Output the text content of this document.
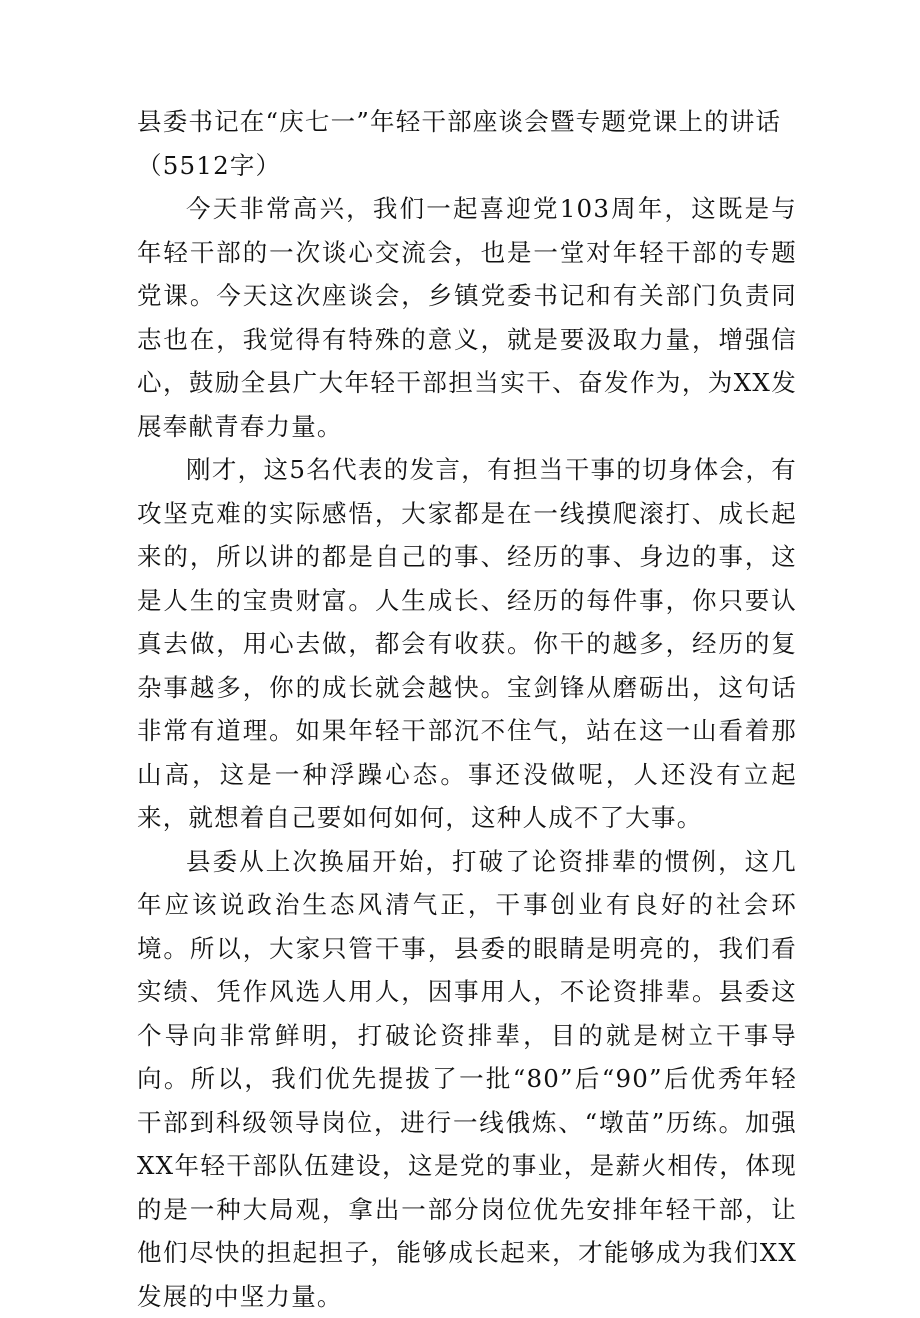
县委书记在“庆七一”年轻干部座谈会暨专题党课上的讲话（5512字）

今天非常高兴，我们一起喜迎党103周年，这既是与年轻干部的一次谈心交流会，也是一堂对年轻干部的专题党课。今天这次座谈会，乡镇党委书记和有关部门负责同志也在，我觉得有特殊的意义，就是要汲取力量，增强信心，鼓励全县广大年轻干部担当实干、奋发作为，为XX发展奉献青春力量。

刚才，这5名代表的发言，有担当干事的切身体会，有攻坚克难的实际感悟，大家都是在一线摸爬滚打、成长起来的，所以讲的都是自己的事、经历的事、身边的事，这是人生的宝贵财富。人生成长、经历的每件事，你只要认真去做，用心去做，都会有收获。你干的越多，经历的复杂事越多，你的成长就会越快。宝剑锋从磨砺出，这句话非常有道理。如果年轻干部沉不住气，站在这一山看着那山高，这是一种浮躁心态。事还没做呢，人还没有立起来，就想着自己要如何如何，这种人成不了大事。

县委从上次换届开始，打破了论资排辈的惯例，这几年应该说政治生态风清气正，干事创业有良好的社会环境。所以，大家只管干事，县委的眼睛是明亮的，我们看实绩、凭作风选人用人，因事用人，不论资排辈。县委这个导向非常鲜明，打破论资排辈，目的就是树立干事导向。所以，我们优先提拔了一批“80”后“90”后优秀年轻干部到科级领导岗位，进行一线俄炼、“墩苗”历练。加强XX年轻干部队伍建设，这是党的事业，是薪火相传，体现的是一种大局观，拿出一部分岗位优先安排年轻干部，让他们尽快的担起担子，能够成长起来，才能够成为我们XX发展的中坚力量。
